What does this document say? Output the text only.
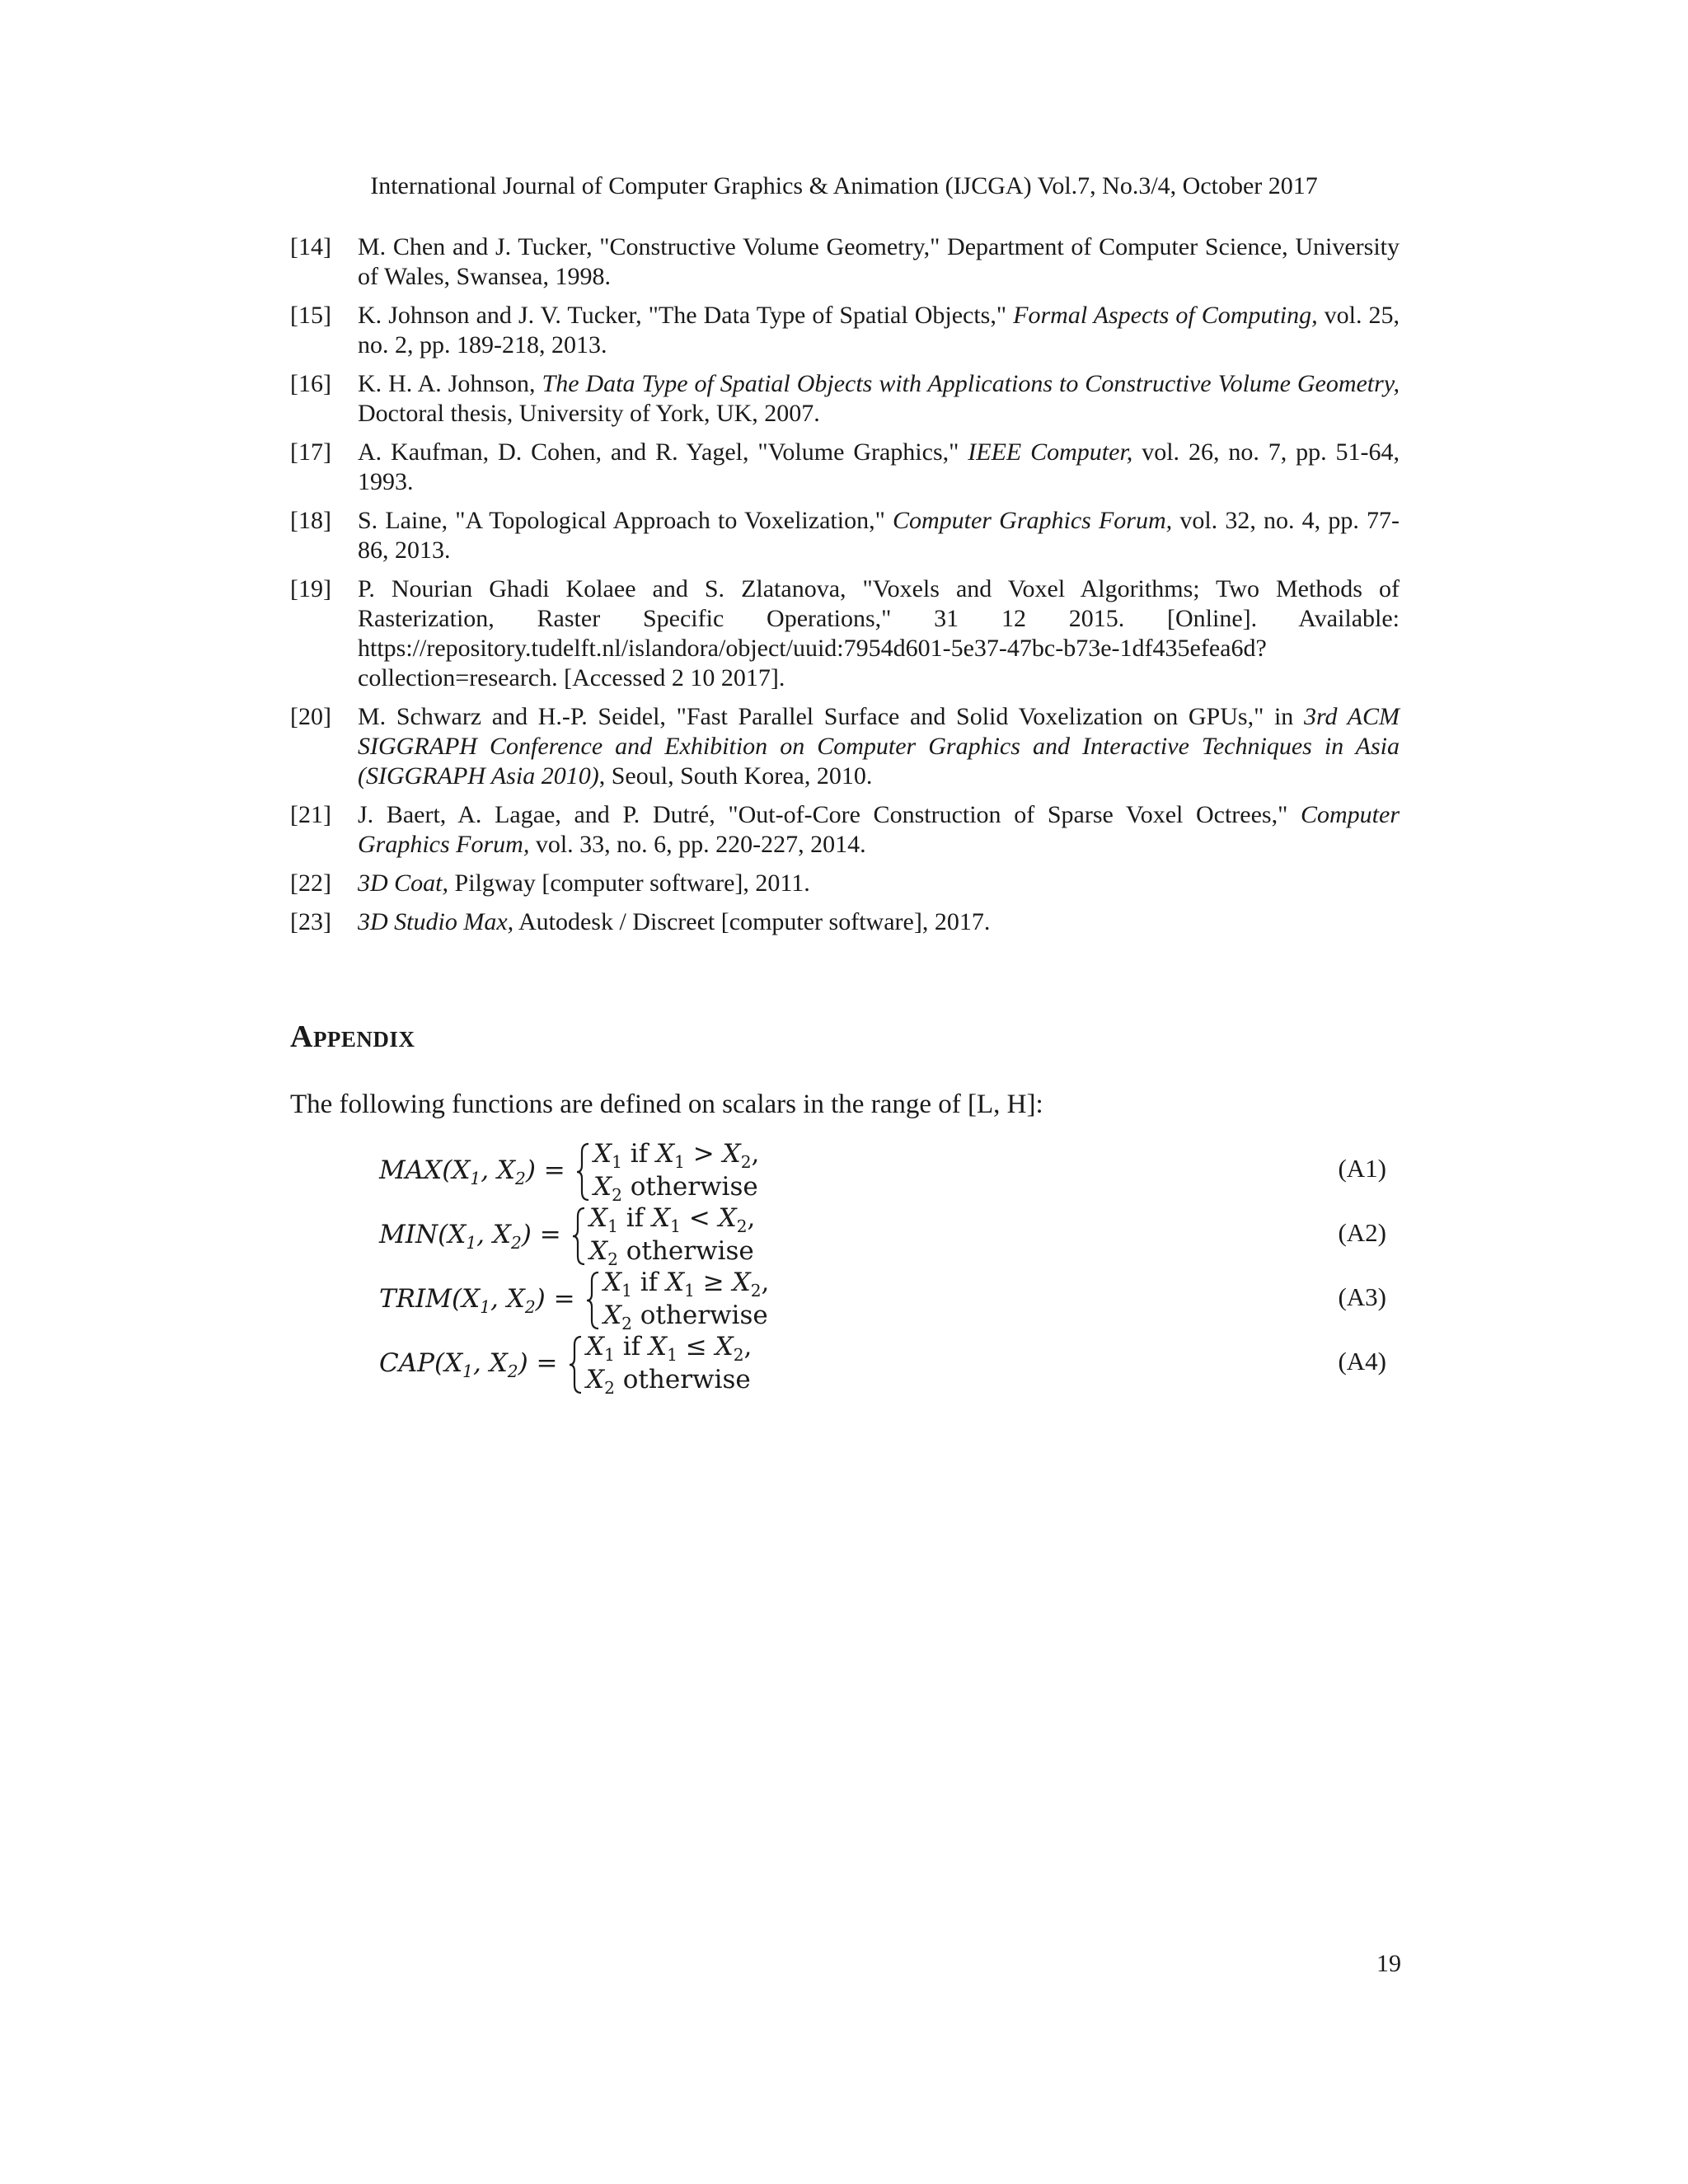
International Journal of Computer Graphics & Animation (IJCGA) Vol.7, No.3/4, October 2017
[14]	M. Chen and J. Tucker, "Constructive Volume Geometry," Department of Computer Science, University of Wales, Swansea, 1998.
[15]	K. Johnson and J. V. Tucker, "The Data Type of Spatial Objects," Formal Aspects of Computing, vol. 25, no. 2, pp. 189-218, 2013.
[16]	K. H. A. Johnson, The Data Type of Spatial Objects with Applications to Constructive Volume Geometry, Doctoral thesis, University of York, UK, 2007.
[17]	A. Kaufman, D. Cohen, and R. Yagel, "Volume Graphics," IEEE Computer, vol. 26, no. 7, pp. 51-64, 1993.
[18]	S. Laine, "A Topological Approach to Voxelization," Computer Graphics Forum, vol. 32, no. 4, pp. 77-86, 2013.
[19]	P. Nourian Ghadi Kolaee and S. Zlatanova, "Voxels and Voxel Algorithms; Two Methods of Rasterization, Raster Specific Operations," 31 12 2015. [Online]. Available: https://repository.tudelft.nl/islandora/object/uuid:7954d601-5e37-47bc-b73e-1df435efea6d?collection=research. [Accessed 2 10 2017].
[20]	M. Schwarz and H.-P. Seidel, "Fast Parallel Surface and Solid Voxelization on GPUs," in 3rd ACM SIGGRAPH Conference and Exhibition on Computer Graphics and Interactive Techniques in Asia (SIGGRAPH Asia 2010), Seoul, South Korea, 2010.
[21]	J. Baert, A. Lagae, and P. Dutré, "Out-of-Core Construction of Sparse Voxel Octrees," Computer Graphics Forum, vol. 33, no. 6, pp. 220-227, 2014.
[22]	3D Coat, Pilgway [computer software], 2011.
[23]	3D Studio Max, Autodesk / Discreet [computer software], 2017.
Appendix
The following functions are defined on scalars in the range of [L, H]:
$MAX(X_1$, $X_2$) =
$X_1$ if $X_1 > X_2$,
$X_2$ otherwise
(A1)
$MIN(X_1$, $X_2$) =
$X_1$ if $X_1 < X_2$,
$X_2$ otherwise
(A2)
$TRIM(X_1$, $X_2$) =
$X_1$ if $X_1 \ge X_2$,
$X_2$ otherwise
(A3)
$CAP(X_1$, $X_2$) =
$X_1$ if $X_1 \le X_2$,
$X_2$ otherwise
(A4)
19
